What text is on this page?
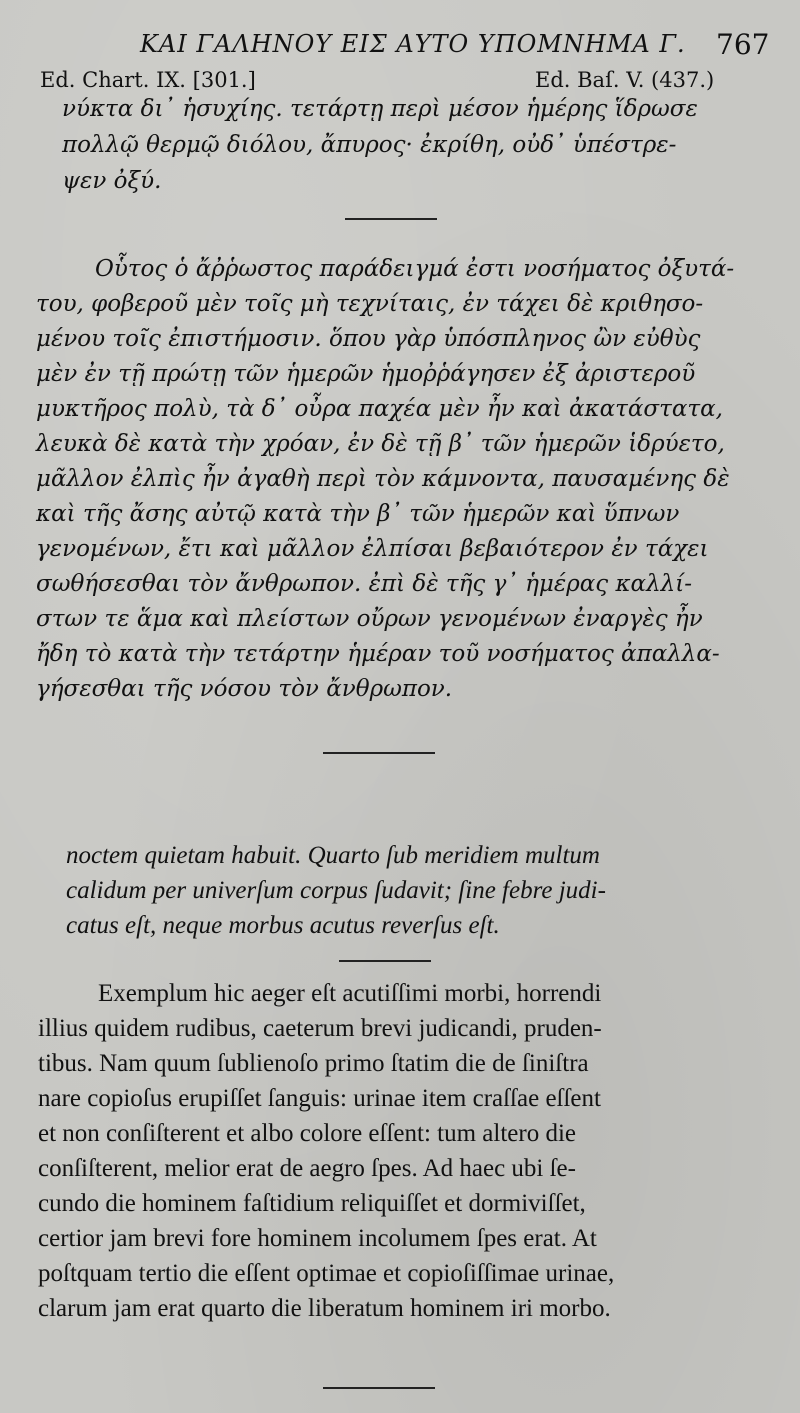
ΚΑΙ ΓΑΛΗΝΟΥ ΕΙΣ ΑΥΤΟ ΥΠΟΜΝΗΜΑ Γ. 767
Ed. Chart. IX. [301.]	Ed. Baſ. V. (437.)
νύκτα δι᾽ ἡσυχίης. τετάρτῃ περὶ μέσον ἡμέρης ἵδρωσε
πολλῷ θερμῷ διόλου, ἄπυρος· ἐκρίθη, οὐδ᾽ ὑπέστρε-
ψεν ὀξύ.
Οὗτος ὁ ἄῤῥωστος παράδειγμά ἐστι νοσήματος ὀξυτά-
του, φοβεροῦ μὲν τοῖς μὴ τεχνίταις, ἐν τάχει δὲ κριθησο-
μένου τοῖς ἐπιστήμοσιν. ὅπου γὰρ ὑπόσπληνος ὢν εὐθὺς
μὲν ἐν τῇ πρώτῃ τῶν ἡμερῶν ἡμοῤῥάγησεν ἐξ ἀριστεροῦ
μυκτῆρος πολὺ, τὰ δ᾽ οὖρα παχέα μὲν ἦν καὶ ἀκατάστατα,
λευκὰ δὲ κατὰ τὴν χρόαν, ἐν δὲ τῇ β᾽ τῶν ἡμερῶν ἱδρύετο,
μᾶλλον ἐλπὶς ἦν ἀγαθὴ περὶ τὸν κάμνοντα, παυσαμένης δὲ
καὶ τῆς ἄσης αὐτῷ κατὰ τὴν β᾽ τῶν ἡμερῶν καὶ ὕπνων
γενομένων, ἔτι καὶ μᾶλλον ἐλπίσαι βεβαιότερον ἐν τάχει
σωθήσεσθαι τὸν ἄνθρωπον. ἐπὶ δὲ τῆς γ᾽ ἡμέρας καλλί-
στων τε ἅμα καὶ πλείστων οὔρων γενομένων ἐναργὲς ἦν
ἤδη τὸ κατὰ τὴν τετάρτην ἡμέραν τοῦ νοσήματος ἀπαλλα-
γήσεσθαι τῆς νόσου τὸν ἄνθρωπον.
noctem quietam habuit. Quarto ſub meridiem multum
calidum per univerſum corpus ſudavit; ſine febre judi-
catus eſt, neque morbus acutus reverſus eſt.
Exemplum hic aeger eſt acutiſſimi morbi, horrendi
illius quidem rudibus, caeterum brevi judicandi, pruden-
tibus. Nam quum ſublienoſo primo ſtatim die de ſiniſtra
nare copioſus erupiſſet ſanguis: urinae item craſſae eſſent
et non conſiſterent et albo colore eſſent: tum altero die
conſiſterent, melior erat de aegro ſpes. Ad haec ubi ſe-
cundo die hominem faſtidium reliquiſſet et dormiviſſet,
certior jam brevi fore hominem incolumem ſpes erat. At
poſtquam tertio die eſſent optimae et copioſiſſimae urinae,
clarum jam erat quarto die liberatum hominem iri morbo.
